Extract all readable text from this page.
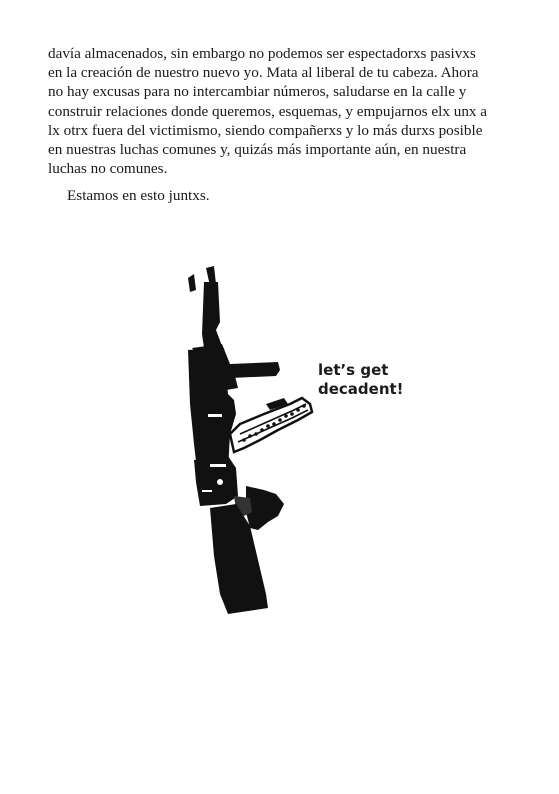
davía almacenados, sin embargo no podemos ser espectadorxs pasivxs
en la creación de nuestro nuevo yo. Mata al liberal de tu cabeza. Ahora
no hay excusas para no intercambiar números, saludarse en la calle y
construir relaciones donde queremos, esquemas, y empujarnos elx unx a
lx otrx fuera del victimismo, siendo compañerxs y lo más durxs posible
en nuestras luchas comunes y, quizás más importante aún, en nuestra
luchas no comunes.

Estamos en esto juntxs.

let’s get
decadent!
